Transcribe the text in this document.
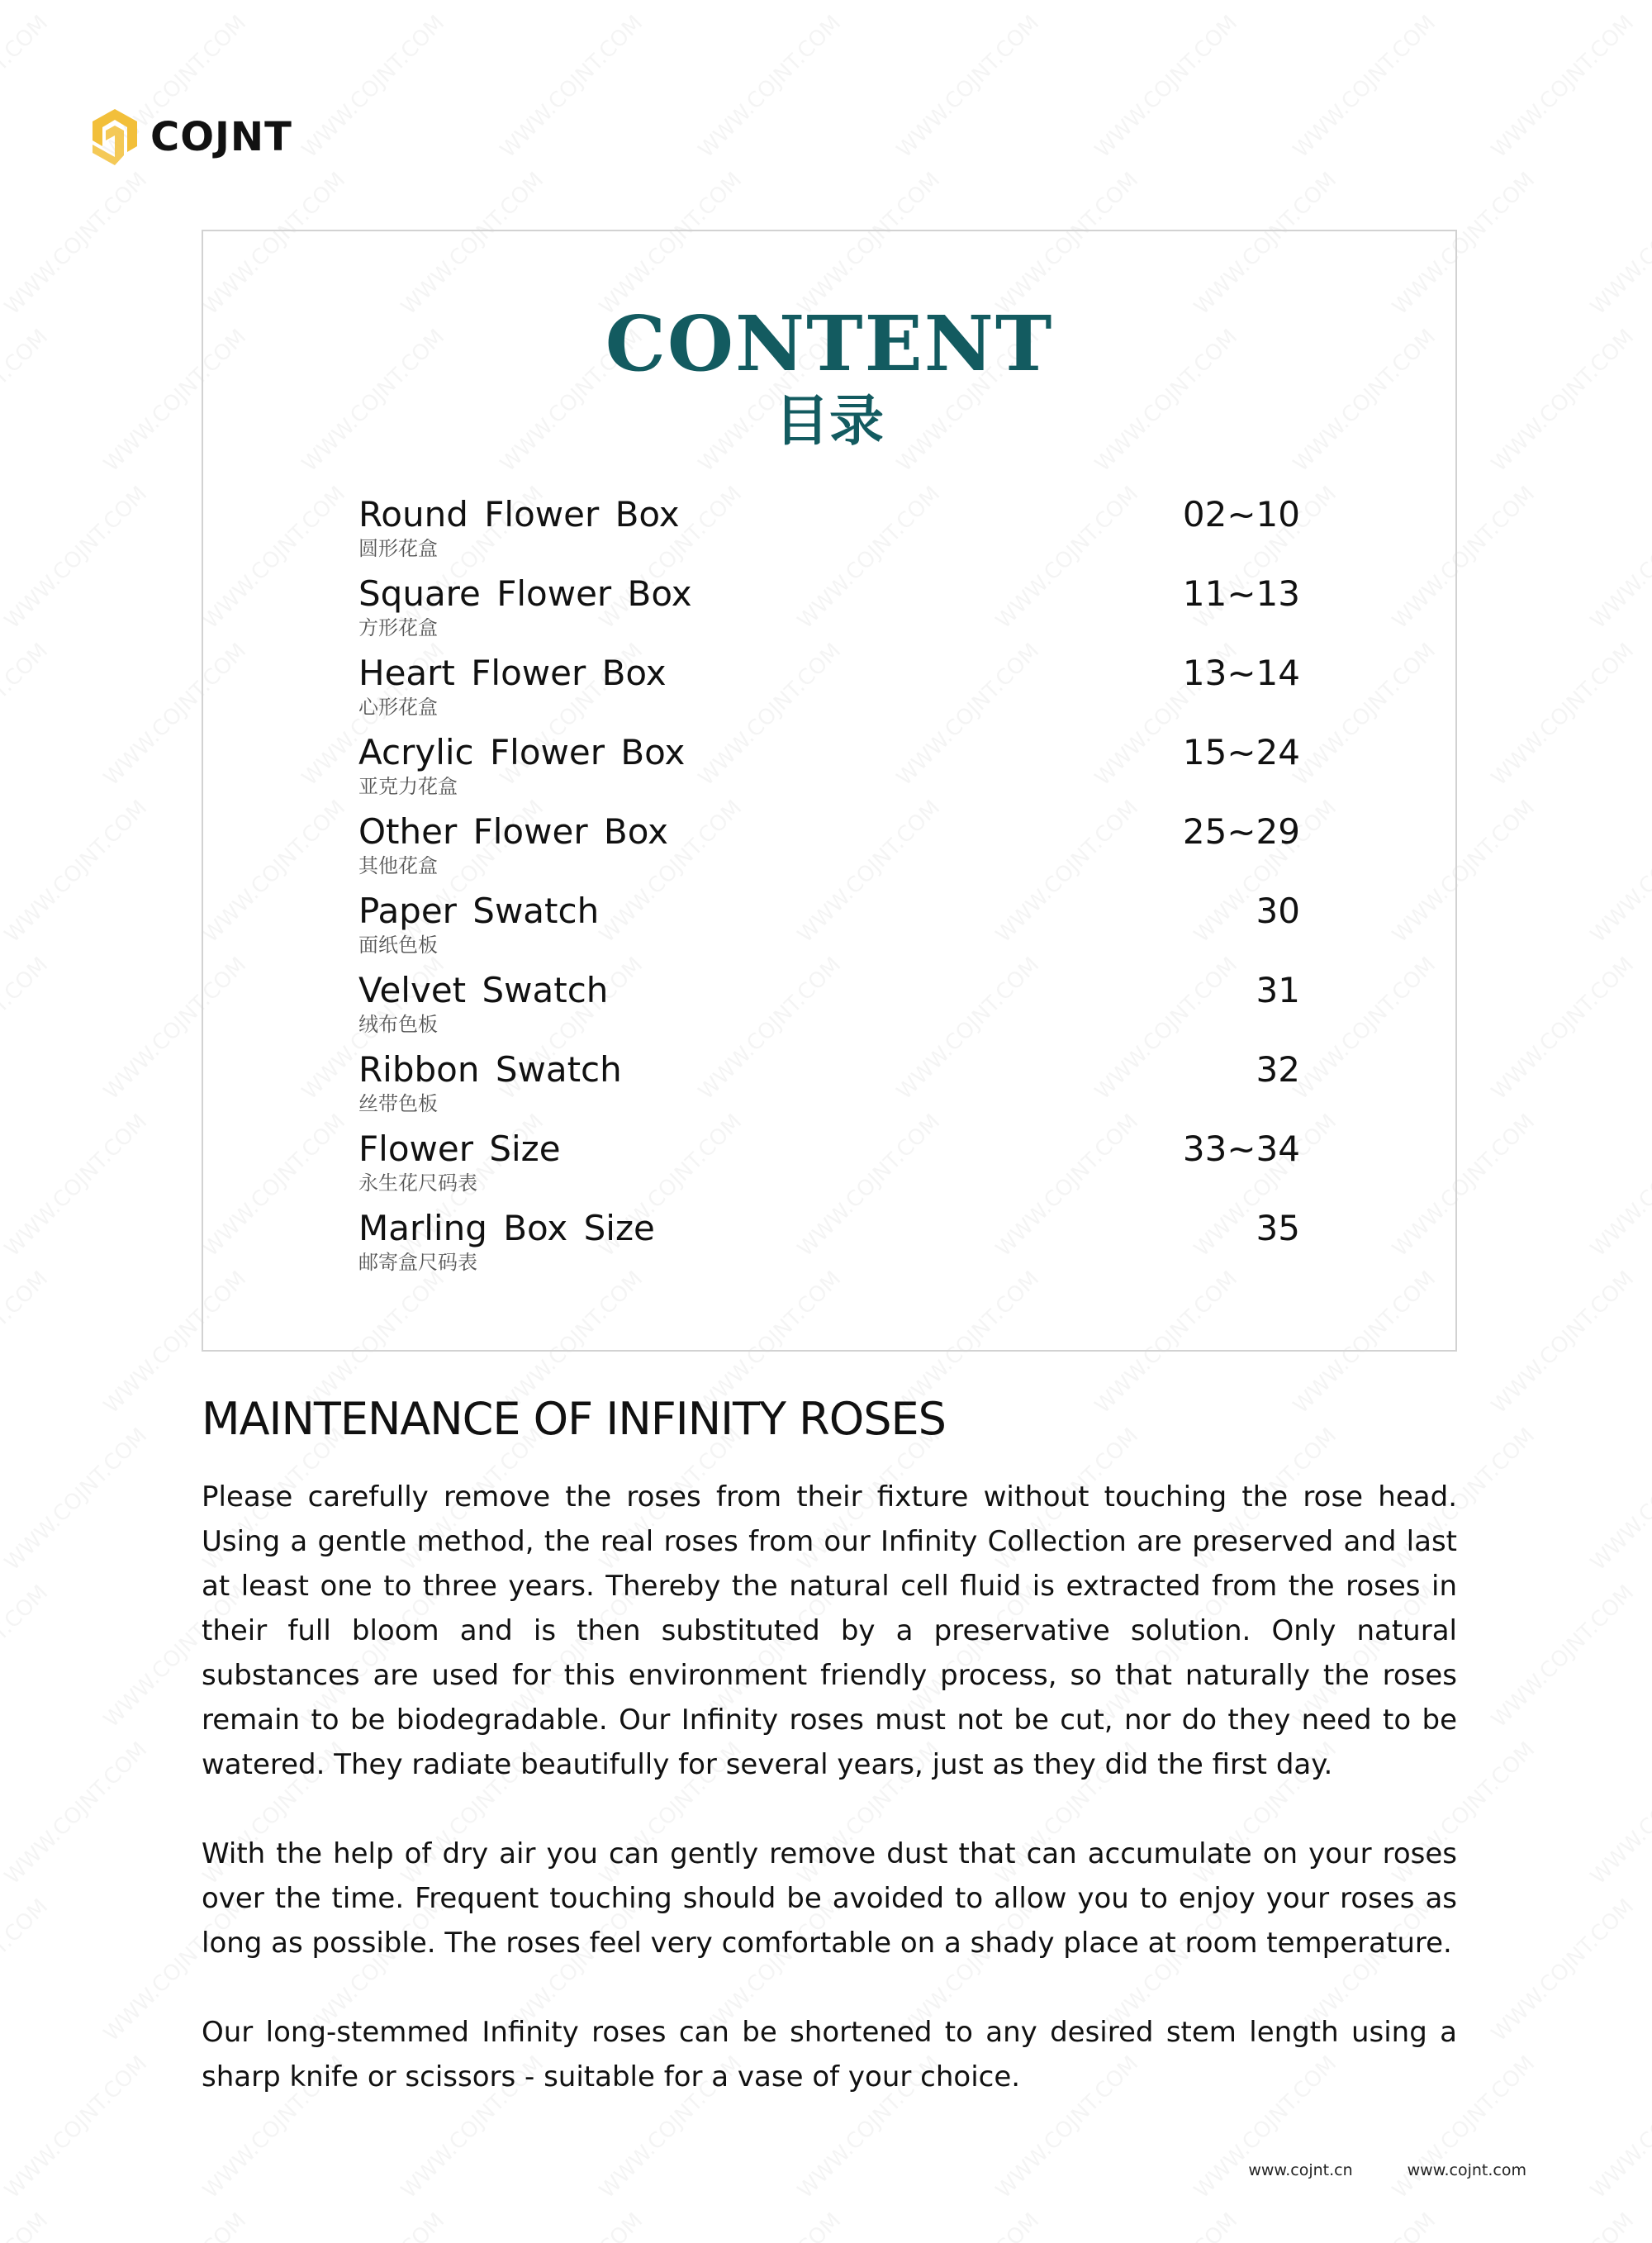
COJNT
CONTENT
目录
Round Flower Box
圆形花盒
02~10
Square Flower Box
方形花盒
11~13
Heart Flower Box
心形花盒
13~14
Acrylic Flower Box
亚克力花盒
15~24
Other Flower Box
其他花盒
25~29
Paper Swatch
面纸色板
30
Velvet Swatch
绒布色板
31
Ribbon Swatch
丝带色板
32
Flower Size
永生花尺码表
33~34
Marling Box Size
邮寄盒尺码表
35
MAINTENANCE OF INFINITY ROSES

Please carefully remove the roses from their fixture without touching the rose head. Using a gentle method, the real roses from our Infinity Collection are preserved and last at least one to three years. Thereby the natural cell fluid is extracted from the roses in their full bloom and is then substituted by a preservative solution. Only natural substances are used for this environment friendly process, so that naturally the roses remain to be biodegradable. Our Infinity roses must not be cut, nor do they need to be watered. They radiate beautifully for several years, just as they did the first day.

With the help of dry air you can gently remove dust that can accumulate on your roses over the time. Frequent touching should be avoided to allow you to enjoy your roses as long as possible. The roses feel very comfortable on a shady place at room temperature.

Our long-stemmed Infinity roses can be shortened to any desired stem length using a sharp knife or scissors - suitable for a vase of your choice.

www.cojnt.cn	www.cojnt.com
